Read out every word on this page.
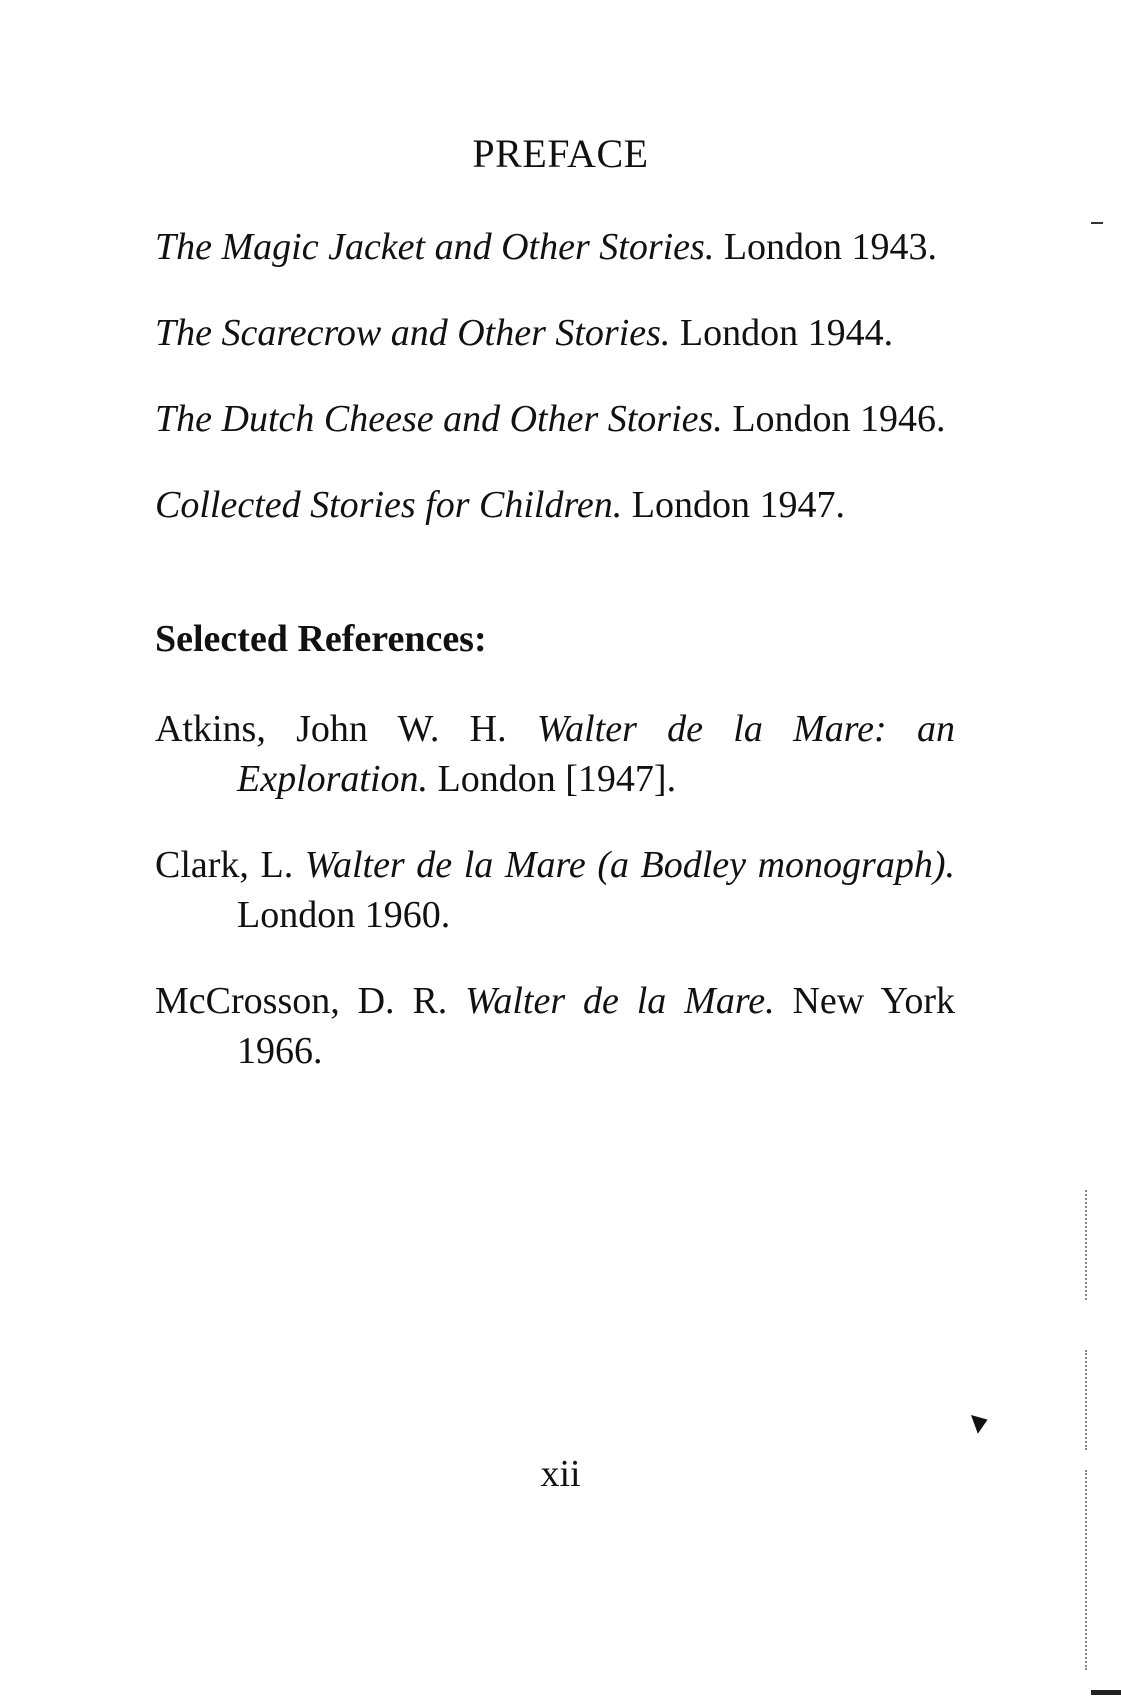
PREFACE

The Magic Jacket and Other Stories. London 1943.

The Scarecrow and Other Stories. London 1944.

The Dutch Cheese and Other Stories. London 1946.

Collected Stories for Children. London 1947.

Selected References:

Atkins, John W. H. Walter de la Mare: an Exploration. London [1947].

Clark, L. Walter de la Mare (a Bodley monograph). London 1960.

McCrosson, D. R. Walter de la Mare. New York 1966.

xii
